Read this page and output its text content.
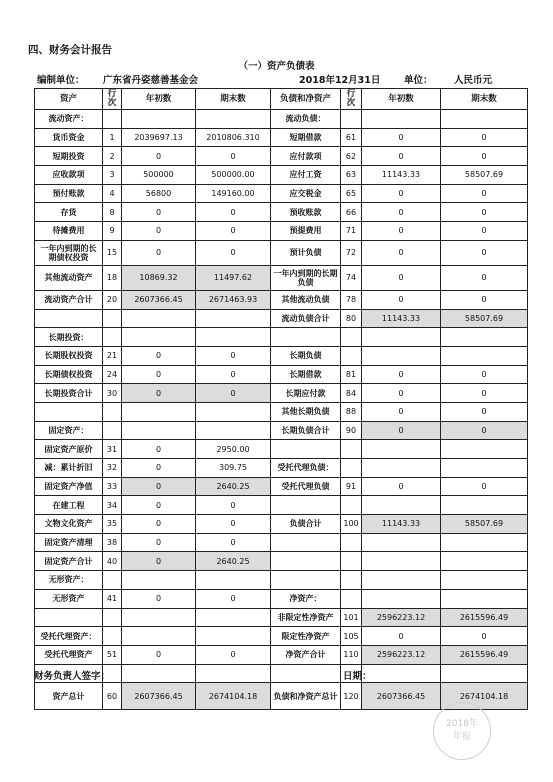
四、财务会计报告
（一）资产负债表
编制单位： 广东省丹姿慈善基金会	2018年12月31日 单位： 人民币元
资产	行次	年初数	期末数	负债和净资产	行次	年初数	期末数
流动资产：				流动负债：			
货币资金	1	2039697.13	2010806.310	短期借款	61	0	0
短期投资	2	0	0	应付款项	62	0	0
应收款项	3	500000	500000.00	应付工资	63	11143.33	58507.69
预付账款	4	56800	149160.00	应交税金	65	0	0
存货	8	0	0	预收账款	66	0	0
待摊费用	9	0	0	预提费用	71	0	0
一年内到期的长期债权投资	15	0	0	预计负债	72	0	0
其他流动资产	18	10869.32	11497.62	一年内到期的长期负债	74	0	0
流动资产合计	20	2607366.45	2671463.93	其他流动负债	78	0	0
				流动负债合计	80	11143.33	58507.69
长期投资：							
长期股权投资	21	0	0	长期负债			
长期债权投资	24	0	0	长期借款	81	0	0
长期投资合计	30	0	0	长期应付款	84	0	0
				其他长期负债	88	0	0
固定资产：				长期负债合计	90	0	0
固定资产原价	31	0	2950.00				
减：累计折旧	32	0	309.75	受托代理负债：			
固定资产净值	33	0	2640.25	受托代理负债	91	0	0
在建工程	34	0	0				
文物文化资产	35	0	0	负债合计	100	11143.33	58507.69
固定资产清理	38	0	0				
固定资产合计	40	0	2640.25				
无形资产：							
无形资产	41	0	0	净资产：			
				非限定性净资产	101	2596223.12	2615596.49
受托代理资产：				限定性净资产	105	0	0
受托代理资产	51	0	0	净资产合计	110	2596223.12	2615596.49

资产总计	60	2607366.45	2674104.18	负债和净资产总计	120	2607366.45	2674104.18
财务负责人签字：	日期：
2018年
年报
